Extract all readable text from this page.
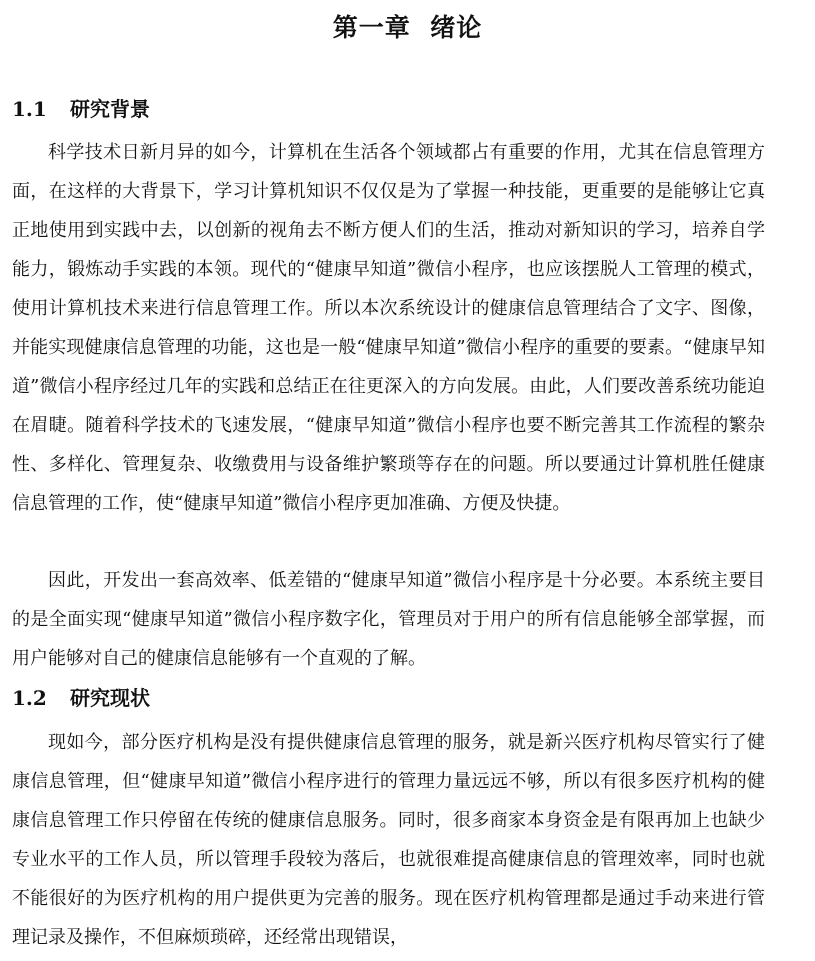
第一章  绪论
1.1 研究背景

科学技术日新月异的如今，计算机在生活各个领域都占有重要的作用，尤其在信息管理方面，在这样的大背景下，学习计算机知识不仅仅是为了掌握一种技能，更重要的是能够让它真正地使用到实践中去，以创新的视角去不断方便人们的生活，推动对新知识的学习，培养自学能力，锻炼动手实践的本领。现代的“健康早知道”微信小程序，也应该摆脱人工管理的模式，使用计算机技术来进行信息管理工作。所以本次系统设计的健康信息管理结合了文字、图像，并能实现健康信息管理的功能，这也是一般“健康早知道”微信小程序的重要的要素。“健康早知道”微信小程序经过几年的实践和总结正在往更深入的方向发展。由此，人们要改善系统功能迫在眉睫。随着科学技术的飞速发展，“健康早知道”微信小程序也要不断完善其工作流程的繁杂性、多样化、管理复杂、收缴费用与设备维护繁琐等存在的问题。所以要通过计算机胜任健康信息管理的工作，使“健康早知道”微信小程序更加准确、方便及快捷。

因此，开发出一套高效率、低差错的“健康早知道”微信小程序是十分必要。本系统主要目的是全面实现“健康早知道”微信小程序数字化，管理员对于用户的所有信息能够全部掌握，而用户能够对自己的健康信息能够有一个直观的了解。

1.2 研究现状

现如今，部分医疗机构是没有提供健康信息管理的服务，就是新兴医疗机构尽管实行了健康信息管理，但“健康早知道”微信小程序进行的管理力量远远不够，所以有很多医疗机构的健康信息管理工作只停留在传统的健康信息服务。同时，很多商家本身资金是有限再加上也缺少专业水平的工作人员，所以管理手段较为落后，也就很难提高健康信息的管理效率，同时也就不能很好的为医疗机构的用户提供更为完善的服务。现在医疗机构管理都是通过手动来进行管理记录及操作，不但麻烦琐碎，还经常出现错误，
